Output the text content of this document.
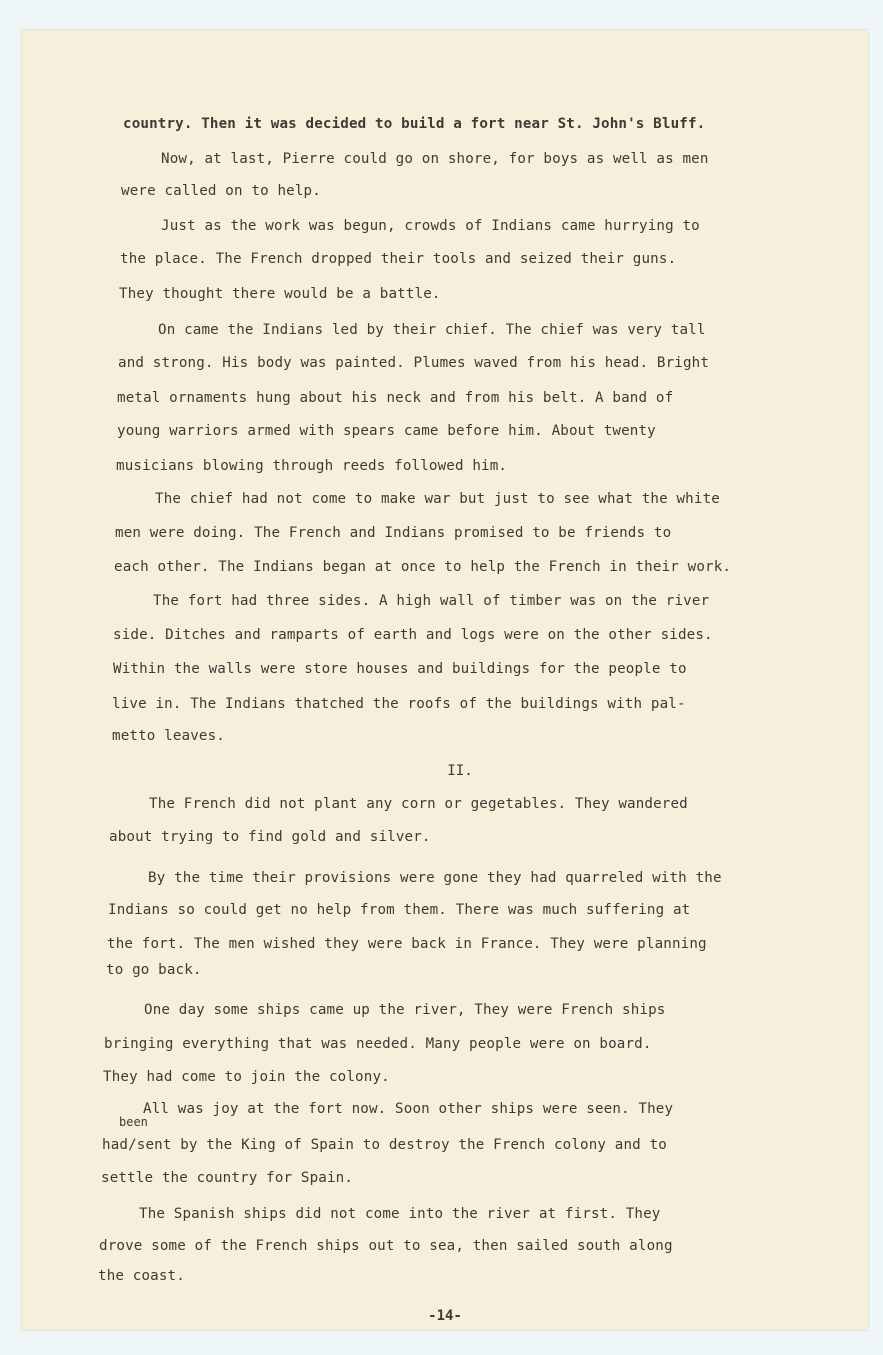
country. Then it was decided to build a fort near St. John's Bluff.
Now, at last, Pierre could go on shore, for boys as well as men
were called on to help.
Just as the work was begun, crowds of Indians came hurrying to
the place. The French dropped their tools and seized their guns.
They thought there would be a battle.
On came the Indians led by their chief. The chief was very tall
and strong. His body was painted. Plumes waved from his head. Bright
metal ornaments hung about his neck and from his belt. A band of
young warriors armed with spears came before him. About twenty
musicians blowing through reeds followed him.
The chief had not come to make war but just to see what the white
men were doing. The French and Indians promised to be friends to
each other. The Indians began at once to help the French in their work.
The fort had three sides. A high wall of timber was on the river
side. Ditches and ramparts of earth and logs were on the other sides.
Within the walls were store houses and buildings for the people to
live in. The Indians thatched the roofs of the buildings with pal-
metto leaves.
II.
The French did not plant any corn or gegetables. They wandered
about trying to find gold and silver.
By the time their provisions were gone they had quarreled with the
Indians so could get no help from them. There was much suffering at
the fort. The men wished they were back in France. They were planning
to go back.
One day some ships came up the river, They were French ships
bringing everything that was needed. Many people were on board.
They had come to join the colony.
All was joy at the fort now. Soon other ships were seen. They
been
had/sent by the King of Spain to destroy the French colony and to
settle the country for Spain.
The Spanish ships did not come into the river at first. They
drove some of the French ships out to sea, then sailed south along
the coast.
-14-
